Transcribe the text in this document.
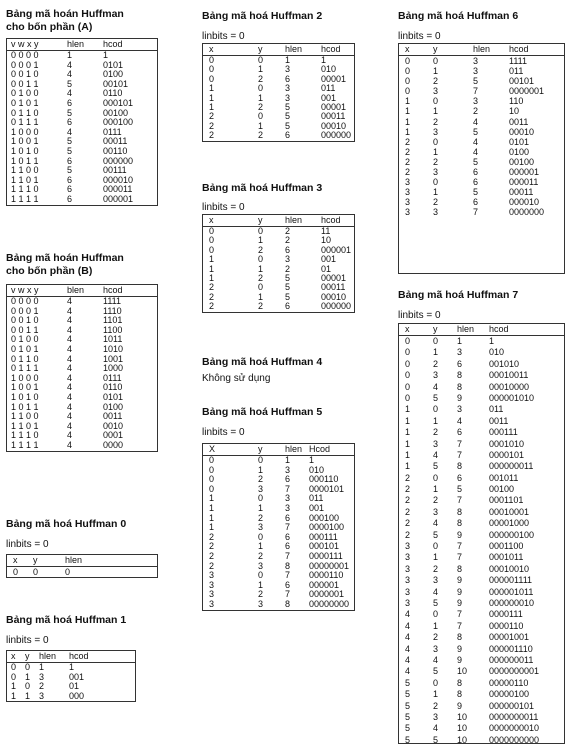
Bảng mã hoán Huffman
cho bốn phần (A)
v w x y	hlen hcod
0 0 0 0	1	1
0 0 0 1	4	0101
0 0 1 0	4	0100
0 0 1 1	5	00101
0 1 0 0	4	0110
0 1 0 1	6	000101
0 1 1 0	5	00100
0 1 1 1	6	000100
1 0 0 0	4	0111
1 0 0 1	5	00011
1 0 1 0	5	00110
1 0 1 1	6	000000
1 1 0 0	5	00111
1 1 0 1	6	000010
1 1 1 0	6	000011
1 1 1 1	6	000001
Bảng mã hoán Huffman
cho bốn phần (B)
v w x y	blen hcod
0 0 0 0	4	1111
0 0 0 1	4	1110
0 0 1 0	4	1101
0 0 1 1	4	1100
0 1 0 0	4	1011
0 1 0 1	4	1010
0 1 1 0	4	1001
0 1 1 1	4	1000
1 0 0 0	4	0111
1 0 0 1	4	0110
1 0 1 0	4	0101
1 0 1 1	4	0100
1 1 0 0	4	0011
1 1 0 1	4	0010
1 1 1 0	4	0001
1 1 1 1	4	0000
Bảng mã hoá Huffman 0
linbits = 0
x y	hlen
0 0	0
Bảng mã hoá Huffman 1
linbits = 0
x y hlen hcod
0 0 1	1
0 1 3	001
1 0 2	01
1 1 3	000
Bảng mã hoá Huffman 2
linbits = 0
x	y	hlen hcod
0	0 1	1
0	1 3	010
0	2 6	00001
1	0 3	011
1	1 3	001
1	2 5	00001
2	0 5	00011
2	1 5	00010
2	2 6	000000
Bảng mã hoá Huffman 3
linbits = 0
x	y	hlen hcod
0	0 2	11
0	1 2	10
0	2 6	000001
1	0 3	001
1	1 2	01
1	2 5	00001
2	0 5	00011
2	1 5	00010
2	2 6	000000
Bảng mã hoá Huffman 4
Không sử dụng
Bảng mã hoá Huffman 5
linbits = 0
X	y	hlen Hcod
0	0 1 1
0	1 3 010
0	2 6 000110
0	3 7 0000101
1	0 3 011
1	1 3 001
1	2 6 000100
1	3 7 0000100
2	0 6 000111
2	1 6 000101
2	2 7 0000111
2	3 8 00000001
3	0 7 0000110
3	1 6 000001
3	2 7 0000001
3	3 8 00000000
Bảng mã hoá Huffman 6
linbits = 0
x	y	hlen hcod
0	0	3	1111
0	1	3	011
0	2	5	00101
0	3	7	0000001
1	0	3	110
1	1	2	10
1	2	4	0011
1	3	5	00010
2	0	4	0101
2	1	4	0100
2	2	5	00100
2	3	6	000001
3	0	6	000011
3	1	5	00011
3	2	6	000010
3	3	7	0000000
Bảng mã hoá Huffman 7
linbits = 0
x	y hlen hcod
0	0 1	1
0	1 3	010
0	2 6	001010
0	3 8	00010011
0	4 8	00010000
0	5 9	000001010
1	0 3	011
1	1 4	0011
1	2 6	000111
1	3 7	0001010
1	4 7	0000101
1	5 8	000000011
2	0 6	001011
2	1 5	00100
2	2 7	0001101
2	3 8	00010001
2	4 8	00001000
2	5 9	000000100
3	0 7	0001100
3	1 7	0001011
3	2 8	00010010
3	3 9	000001111
3	4 9	000001011
3	5 9	000000010
4	0 7	0000111
4	1 7	0000110
4	2 8	00001001
4	3 9	000001110
4	4 9	000000011
4	5 10 0000000001
5	0 8	00000110
5	1 8	00000100
5	2 9	000000101
5	3 10 0000000011
5	4 10 0000000010
5	5 10 0000000000
